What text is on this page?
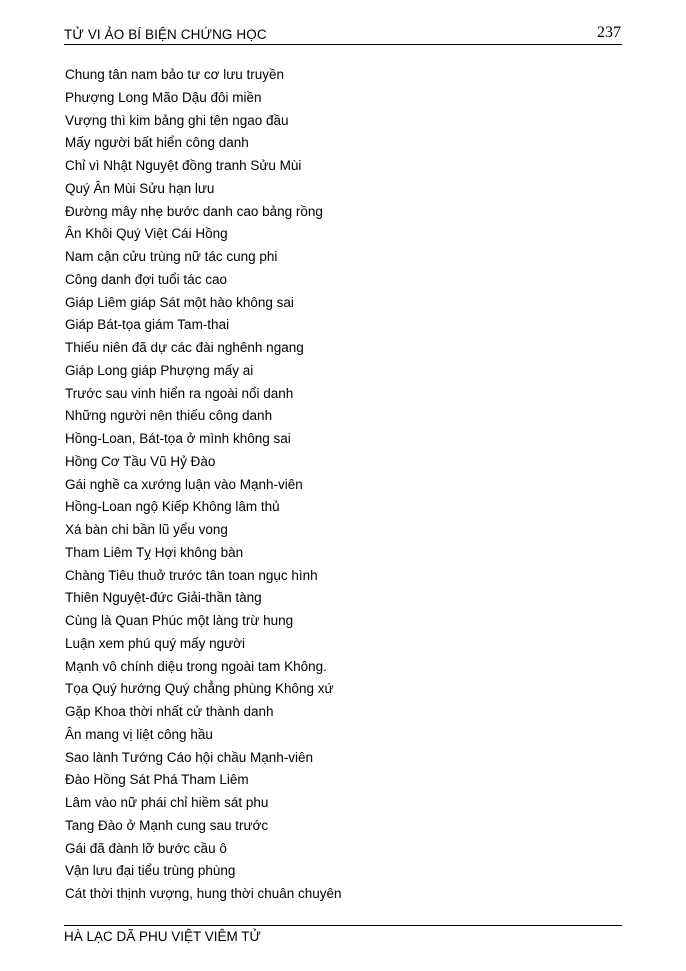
TỬ VI ẢO BÍ BIỆN CHỨNG HỌC	237
Chung tân nam bảo tư cơ lưu truyền
Phượng Long Mão Dậu đôi miền
Vượng thì kim bảng ghi tên ngao đầu
Mấy người bất hiển công danh
Chỉ vì Nhật Nguyệt đồng tranh Sửu Mùi
Quý Ân Mùi Sửu hạn lưu
Đường mây nhẹ bước danh cao bảng rồng
Ân Khôi Quý Việt Cái Hồng
Nam cận cửu trùng nữ tác cung phi
Công danh đợi tuổi tác cao
Giáp Liêm giáp Sát một hào không sai
Giáp Bát-tọa giám Tam-thai
Thiếu niên đã dự các đài nghênh ngang
Giáp Long giáp Phượng mấy ai
Trước sau vinh hiển ra ngoài nổi danh
Những người nên thiếu công danh
Hồng-Loan, Bát-tọa ở mình không sai
Hồng Cơ Tầu Vũ Hỷ Đào
Gái nghề ca xướng luận vào Mạnh-viên
Hồng-Loan ngộ Kiếp Không lâm thủ
Xá bàn chi bần lũ yểu vong
Tham Liêm Tỵ Hợi không bàn
Chàng Tiêu thuở trước tân toan ngục hình
Thiên Nguyệt-đức Giải-thần tàng
Cùng là Quan Phúc một làng trừ hung
Luận xem phú quý mấy người
Mạnh vô chính diệu trong ngoài tam Không.
Tọa Quý hướng Quý chẳng phùng Không xứ
Gặp Khoa thời nhất cử thành danh
Ân mang vị liệt công hầu
Sao lành Tướng Cáo hội chầu Mạnh-viên
Đào Hồng Sát Phá Tham Liêm
Lâm vào nữ phái chỉ hiềm sát phu
Tang Đào ở Mạnh cung sau trước
Gái đã đành lỡ bước cầu ô
Vận lưu đại tiểu trùng phùng
Cát thời thịnh vượng, hung thời chuân chuyên
HÀ LẠC DÃ PHU VIỆT VIÊM TỬ
